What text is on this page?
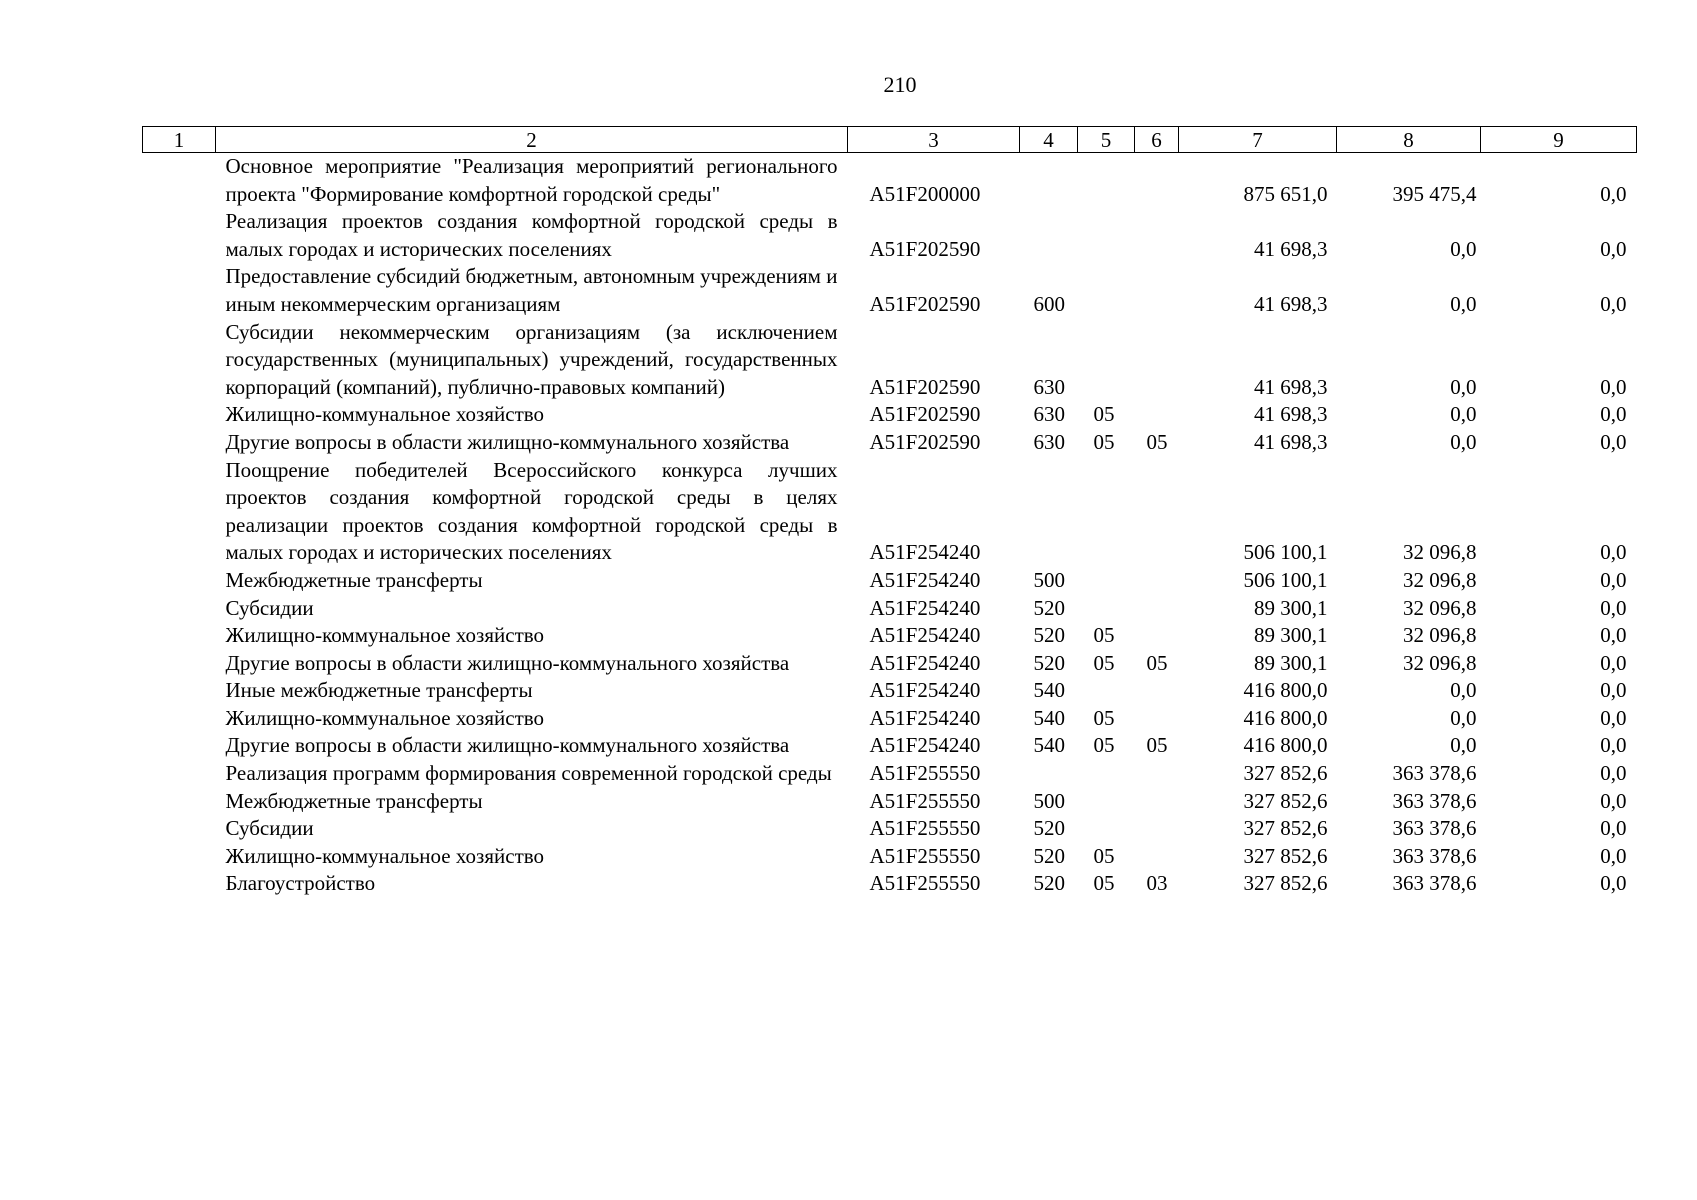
210
1	2	3	4	5	6	7	8	9
	Основное мероприятие "Реализация мероприятий регионального проекта "Формирование комфортной городской среды"	А51F200000				875 651,0	395 475,4	0,0
	Реализация проектов создания комфортной городской среды в малых городах и исторических поселениях	А51F202590				41 698,3	0,0	0,0
	Предоставление субсидий бюджетным, автономным учреждениям и иным некоммерческим организациям	А51F202590	600			41 698,3	0,0	0,0
	Субсидии некоммерческим организациям (за исключением государственных (муниципальных) учреждений, государственных корпораций (компаний), публично-правовых компаний)	А51F202590	630			41 698,3	0,0	0,0
	Жилищно-коммунальное хозяйство	А51F202590	630	05		41 698,3	0,0	0,0
	Другие вопросы в области жилищно-коммунального хозяйства	А51F202590	630	05	05	41 698,3	0,0	0,0
	Поощрение победителей Всероссийского конкурса лучших проектов создания комфортной городской среды в целях реализации проектов создания комфортной городской среды в малых городах и исторических поселениях	А51F254240				506 100,1	32 096,8	0,0
	Межбюджетные трансферты	А51F254240	500			506 100,1	32 096,8	0,0
	Субсидии	А51F254240	520			89 300,1	32 096,8	0,0
	Жилищно-коммунальное хозяйство	А51F254240	520	05		89 300,1	32 096,8	0,0
	Другие вопросы в области жилищно-коммунального хозяйства	А51F254240	520	05	05	89 300,1	32 096,8	0,0
	Иные межбюджетные трансферты	А51F254240	540			416 800,0	0,0	0,0
	Жилищно-коммунальное хозяйство	А51F254240	540	05		416 800,0	0,0	0,0
	Другие вопросы в области жилищно-коммунального хозяйства	А51F254240	540	05	05	416 800,0	0,0	0,0
	Реализация программ формирования современной городской среды	А51F255550				327 852,6	363 378,6	0,0
	Межбюджетные трансферты	А51F255550	500			327 852,6	363 378,6	0,0
	Субсидии	А51F255550	520			327 852,6	363 378,6	0,0
	Жилищно-коммунальное хозяйство	А51F255550	520	05		327 852,6	363 378,6	0,0
	Благоустройство	А51F255550	520	05	03	327 852,6	363 378,6	0,0
